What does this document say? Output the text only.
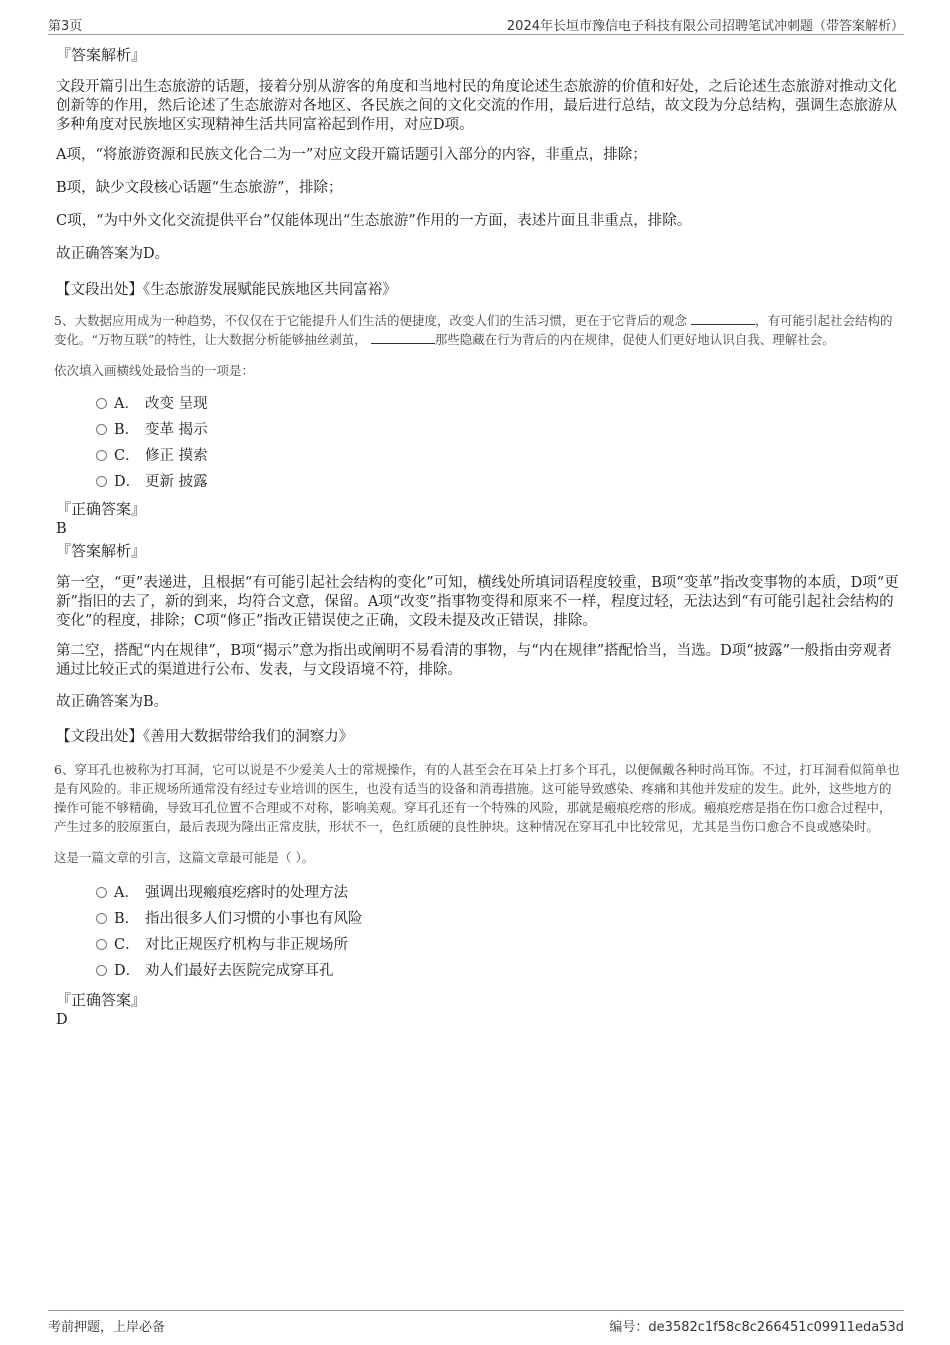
第3页	2024年长垣市豫信电子科技有限公司招聘笔试冲刺题（带答案解析）

『答案解析』

文段开篇引出生态旅游的话题，接着分别从游客的角度和当地村民的角度论述生态旅游的价值和好处，之后论述生态旅游对推动文化创新等的作用，然后论述了生态旅游对各地区、各民族之间的文化交流的作用，最后进行总结，故文段为分总结构，强调生态旅游从多种角度对民族地区实现精神生活共同富裕起到作用，对应D项。

A项，“将旅游资源和民族文化合二为一”对应文段开篇话题引入部分的内容，非重点，排除；

B项，缺少文段核心话题“生态旅游”，排除；

C项，“为中外文化交流提供平台”仅能体现出“生态旅游”作用的一方面，表述片面且非重点，排除。

故正确答案为D。

【文段出处】《生态旅游发展赋能民族地区共同富裕》

5、大数据应用成为一种趋势，不仅仅在于它能提升人们生活的便捷度，改变人们的生活习惯，更在于它背后的观念	，有可能引起社会结构的变化。“万物互联”的特性，让大数据分析能够抽丝剥茧，	那些隐藏在行为背后的内在规律，促使人们更好地认识自我、理解社会。

依次填入画横线处最恰当的一项是：

A． 改变 呈现
B． 变革 揭示
C． 修正 摸索
D． 更新 披露

『正确答案』

B

『答案解析』

第一空，“更”表递进，且根据“有可能引起社会结构的变化”可知，横线处所填词语程度较重，B项“变革”指改变事物的本质，D项“更新”指旧的去了，新的到来，均符合文意，保留。A项“改变”指事物变得和原来不一样，程度过轻，无法达到“有可能引起社会结构的变化”的程度，排除；C项“修正”指改正错误使之正确，文段未提及改正错误，排除。

第二空，搭配“内在规律”，B项“揭示”意为指出或阐明不易看清的事物，与“内在规律”搭配恰当，当选。D项“披露”一般指由旁观者通过比较正式的渠道进行公布、发表，与文段语境不符，排除。

故正确答案为B。

【文段出处】《善用大数据带给我们的洞察力》

6、穿耳孔也被称为打耳洞，它可以说是不少爱美人士的常规操作，有的人甚至会在耳朵上打多个耳孔，以便佩戴各种时尚耳饰。不过，打耳洞看似简单也是有风险的。非正规场所通常没有经过专业培训的医生，也没有适当的设备和消毒措施。这可能导致感染、疼痛和其他并发症的发生。此外，这些地方的操作可能不够精确，导致耳孔位置不合理或不对称，影响美观。穿耳孔还有一个特殊的风险，那就是瘢痕疙瘩的形成。瘢痕疙瘩是指在伤口愈合过程中，产生过多的胶原蛋白，最后表现为隆出正常皮肤，形状不一，色红质硬的良性肿块。这种情况在穿耳孔中比较常见，尤其是当伤口愈合不良或感染时。

这是一篇文章的引言，这篇文章最可能是（ ）。

A． 强调出现瘢痕疙瘩时的处理方法
B． 指出很多人们习惯的小事也有风险
C． 对比正规医疗机构与非正规场所
D． 劝人们最好去医院完成穿耳孔

『正确答案』

D

考前押题，上岸必备	编号：de3582c1f58c8c266451c09911eda53d
